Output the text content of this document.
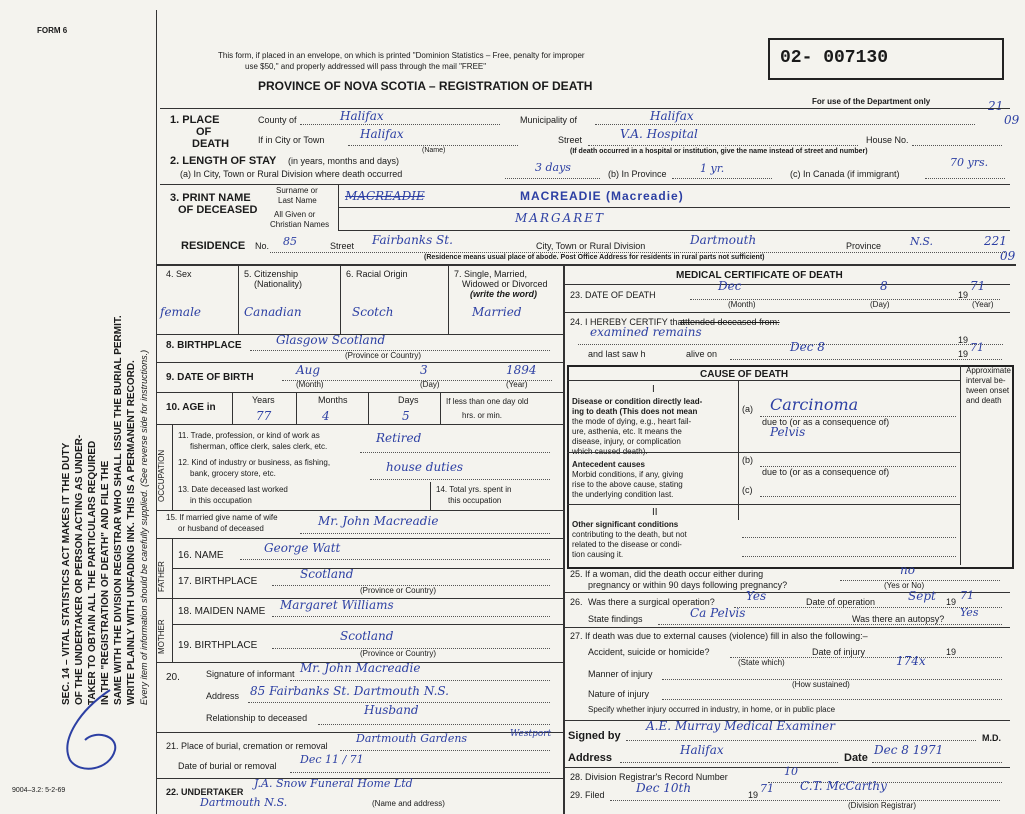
SEC. 14 – VITAL STATISTICS ACT MAKES IT THE DUTY OF THE UNDERTAKER OR PERSON ACTING AS UNDER- TAKER TO OBTAIN ALL THE PARTICULARS REQUIRED IN THE "REGISTRATION OF DEATH" AND FILE THE SAME WITH THE DIVISION REGISTRAR WHO SHALL ISSUE THE BURIAL PERMIT. WRITE PLAINLY WITH UNFADING INK. THIS IS A PERMANENT RECORD. Every item of information should be carefully supplied. (See reverse side for instructions.)
FORM 6
9004–3.2: 5-2-69
This form, if placed in an envelope, on which is printed "Dominion Statistics – Free, penalty for improper
use $50," and properly addressed will pass through the mail "FREE"
PROVINCE OF NOVA SCOTIA – REGISTRATION OF DEATH
02- 007130
For use of the Department only	21
09
221
09
1. PLACE
OF
DEATH
County of	Halifax	Municipality of	Halifax
If in City or Town	Halifax
(Name)
Street	V.A. Hospital	House No.
(If death occurred in a hospital or institution, give the name instead of street and number)
2. LENGTH OF STAY (in years, months and days)
(a) In City, Town or Rural Division where death occurred	3 days	(b) In Province	1 yr.	(c) In Canada (if immigrant)
70 yrs.
3. PRINT NAME
OF DECEASED
Surname or
Last Name MACREADIE	MACREADIE (Macreadie)
All Given or
Christian Names	MARGARET
RESIDENCE No. 85	Street Fairbanks St.	City, Town or Rural Division	Dartmouth	Province	N.S.
(Residence means usual place of abode. Post Office Address for residents in rural parts not sufficient)
4. Sex	5. Citizenship
(Nationality)
6. Racial Origin	7. Single, Married,
Widowed or Divorced
(write the word)
female	Canadian	Scotch	Married
8. BIRTHPLACE	Glasgow Scotland
(Province or Country)
9. DATE OF BIRTH
Aug	3	1894
(Month)	(Day)	(Year)
10. AGE in
Years	Months	Days
77	4	5
If less than one day old
hrs. or min.
OCCUPATION
11. Trade, profession, or kind of work as
fisherman, office clerk, sales clerk, etc.
Retired
12. Kind of industry or business, as fishing,
bank, grocery store, etc.	house duties
13. Date deceased last worked
in this occupation
14. Total yrs. spent in
this occupation
15. If married give name of wife
or husband of deceased
Mr. John Macreadie
FATHER
MOTHER
16. NAME
George Watt
17. BIRTHPLACE
Scotland
(Province or Country)
18. MAIDEN NAME Margaret Williams
19. BIRTHPLACE
Scotland
(Province or Country)
20.	Signature of informant Mr. John Macreadie
Address 85 Fairbanks St. Dartmouth N.S.
Relationship to deceased
Husband
21. Place of burial, cremation or removal
Dartmouth Gardens	Westport
Date of burial or removal Dec 11 / 71
22. UNDERTAKER
J.A. Snow Funeral Home Ltd
Dartmouth N.S.	(Name and address)
MEDICAL CERTIFICATE OF DEATH
23. DATE OF DEATH
Dec	8
19
71
(Month)	(Day)	(Year)
24. I HEREBY CERTIFY that I
attended deceased from:
examined remains
19
and last saw h	alive on	Dec 8	19 71
CAUSE OF DEATH	Approximate
interval be-
tween onset
and death
I
Disease or condition directly lead-
ing to death (This does not mean
the mode of dying, e.g., heart fail-
ure, asthenia, etc. It means the
disease, injury, or complication
which caused death).
(a) Carcinoma
due to (or as a consequence of)
Pelvis
Antecedent causes
Morbid conditions, if any, giving
rise to the above cause, stating
the underlying condition last.
(b)
due to (or as a consequence of)
(c)
II
Other significant conditions
contributing to the death, but not
related to the disease or condi-
tion causing it.
25. If a woman, did the death occur either during
pregnancy or within 90 days following pregnancy?
no
(Yes or No)
26. Was there a surgical operation?	Yes	Date of operation	Sept 19 71
State findings	Ca Pelvis	Was there an autopsy? Yes
27. If death was due to external causes (violence) fill in also the following:–
Accident, suicide or homicide?	Date of injury	19
(State which)	174x
Manner of injury
(How sustained)
Nature of injury
Specify whether injury occurred in industry, in home, or in public place
Signed by
A.E. Murray Medical Examiner
M.D.
Address
Halifax
Date
Dec 8 1971
28. Division Registrar's Record Number	10
29. Filed	Dec 10th	19 71 C.T. McCarthy
(Division Registrar)
